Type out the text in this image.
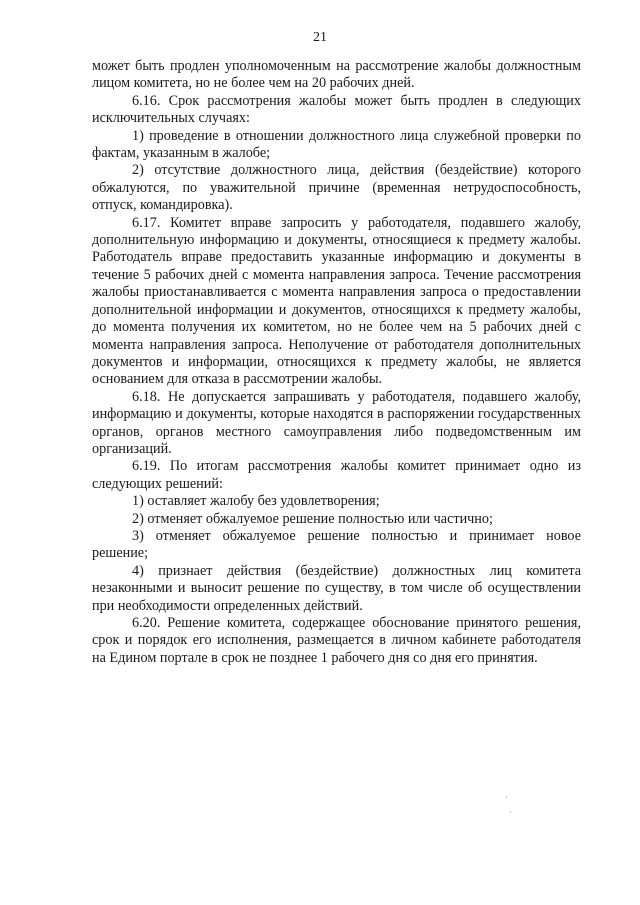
21

может быть продлен уполномоченным на рассмотрение жалобы должностным лицом комитета, но не более чем на 20 рабочих дней.

6.16. Срок рассмотрения жалобы может быть продлен в следующих исключительных случаях:

1) проведение в отношении должностного лица служебной проверки по фактам, указанным в жалобе;

2) отсутствие должностного лица, действия (бездействие) которого обжалуются, по уважительной причине (временная нетрудоспособность, отпуск, командировка).

6.17. Комитет вправе запросить у работодателя, подавшего жалобу, дополнительную информацию и документы, относящиеся к предмету жалобы. Работодатель вправе предоставить указанные информацию и документы в течение 5 рабочих дней с момента направления запроса. Течение рассмотрения жалобы приостанавливается с момента направления запроса о предоставлении дополнительной информации и документов, относящихся к предмету жалобы, до момента получения их комитетом, но не более чем на 5 рабочих дней с момента направления запроса. Неполучение от работодателя дополнительных документов и информации, относящихся к предмету жалобы, не является основанием для отказа в рассмотрении жалобы.

6.18. Не допускается запрашивать у работодателя, подавшего жалобу, информацию и документы, которые находятся в распоряжении государственных органов, органов местного самоуправления либо подведомственным им организаций.

6.19. По итогам рассмотрения жалобы комитет принимает одно из следующих решений:

1) оставляет жалобу без удовлетворения;

2) отменяет обжалуемое решение полностью или частично;

3) отменяет обжалуемое решение полностью и принимает новое решение;

4) признает действия (бездействие) должностных лиц комитета незаконными и выносит решение по существу, в том числе об осуществлении при необходимости определенных действий.

6.20. Решение комитета, содержащее обоснование принятого решения, срок и порядок его исполнения, размещается в личном кабинете работодателя на Едином портале в срок не позднее 1 рабочего дня со дня его принятия.

·
·
